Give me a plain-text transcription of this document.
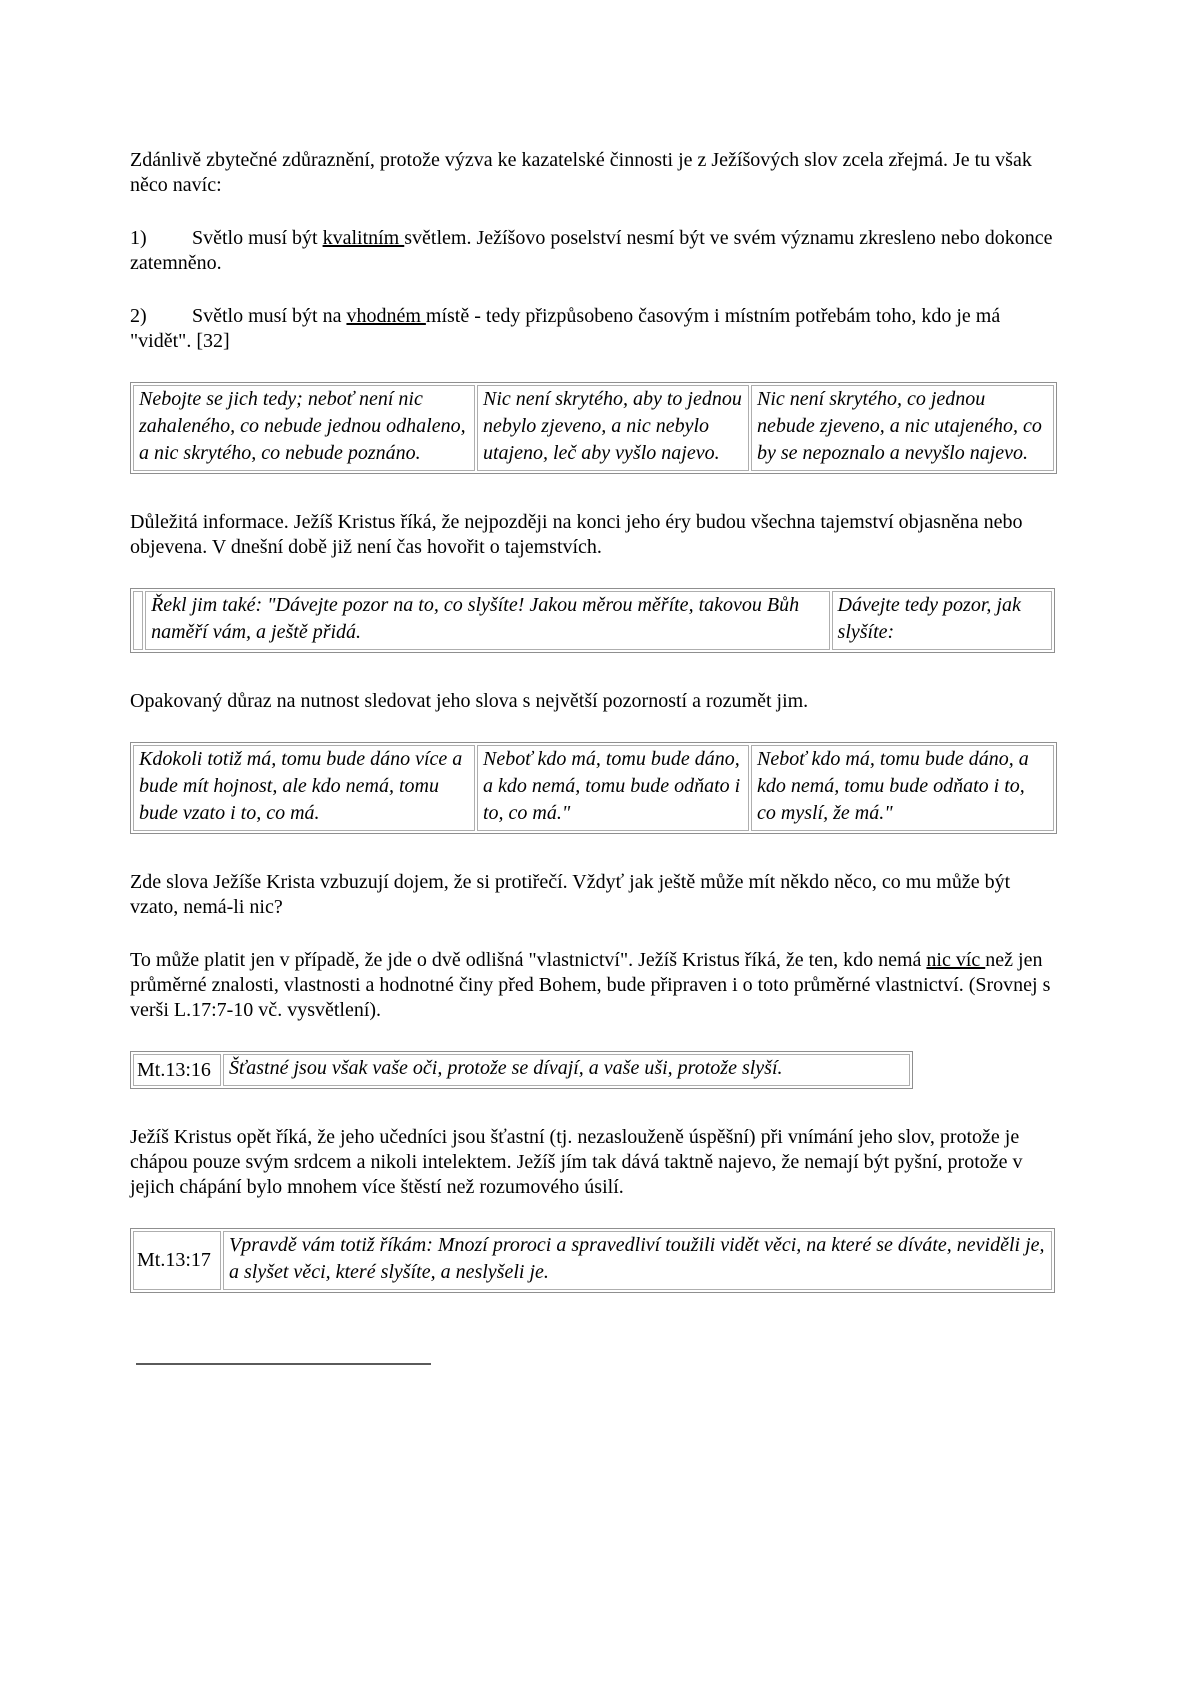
Zdánlivě zbytečné zdůraznění, protože výzva ke kazatelské činnosti je z Ježíšových slov zcela zřejmá. Je tu však něco navíc:

1) Světlo musí být kvalitním světlem. Ježíšovo poselství nesmí být ve svém významu zkresleno nebo dokonce zatemněno.

2) Světlo musí být na vhodném místě - tedy přizpůsobeno časovým i místním potřebám toho, kdo je má "vidět". [32]

Nebojte se jich tedy; neboť není nic zahaleného, co nebude jednou odhaleno, a nic skrytého, co nebude poznáno.	Nic není skrytého, aby to jednou nebylo zjeveno, a nic nebylo utajeno, leč aby vyšlo najevo.	Nic není skrytého, co jednou nebude zjeveno, a nic utajeného, co by se nepoznalo a nevyšlo najevo.

Důležitá informace. Ježíš Kristus říká, že nejpozději na konci jeho éry budou všechna tajemství objasněna nebo objevena. V dnešní době již není čas hovořit o tajemstvích.

	Řekl jim také: "Dávejte pozor na to, co slyšíte! Jakou měrou měříte, takovou Bůh naměří vám, a ještě přidá.	Dávejte tedy pozor, jak slyšíte:

Opakovaný důraz na nutnost sledovat jeho slova s největší pozorností a rozumět jim.

Kdokoli totiž má, tomu bude dáno více a bude mít hojnost, ale kdo nemá, tomu bude vzato i to, co má.	Neboť kdo má, tomu bude dáno, a kdo nemá, tomu bude odňato i to, co má."	Neboť kdo má, tomu bude dáno, a kdo nemá, tomu bude odňato i to, co myslí, že má."

Zde slova Ježíše Krista vzbuzují dojem, že si protiřečí. Vždyť jak ještě může mít někdo něco, co mu může být vzato, nemá-li nic?

To může platit jen v případě, že jde o dvě odlišná "vlastnictví". Ježíš Kristus říká, že ten, kdo nemá nic víc než jen průměrné znalosti, vlastnosti a hodnotné činy před Bohem, bude připraven i o toto průměrné vlastnictví. (Srovnej s verši L.17:7-10 vč. vysvětlení).

Mt.13:16	Šťastné jsou však vaše oči, protože se dívají, a vaše uši, protože slyší.

Ježíš Kristus opět říká, že jeho učedníci jsou šťastní (tj. nezaslouženě úspěšní) při vnímání jeho slov, protože je chápou pouze svým srdcem a nikoli intelektem. Ježíš jím tak dává taktně najevo, že nemají být pyšní, protože v jejich chápání bylo mnohem více štěstí než rozumového úsilí.

Mt.13:17	Vpravdě vám totiž říkám: Mnozí proroci a spravedliví toužili vidět věci, na které se díváte, neviděli je, a slyšet věci, které slyšíte, a neslyšeli je.
